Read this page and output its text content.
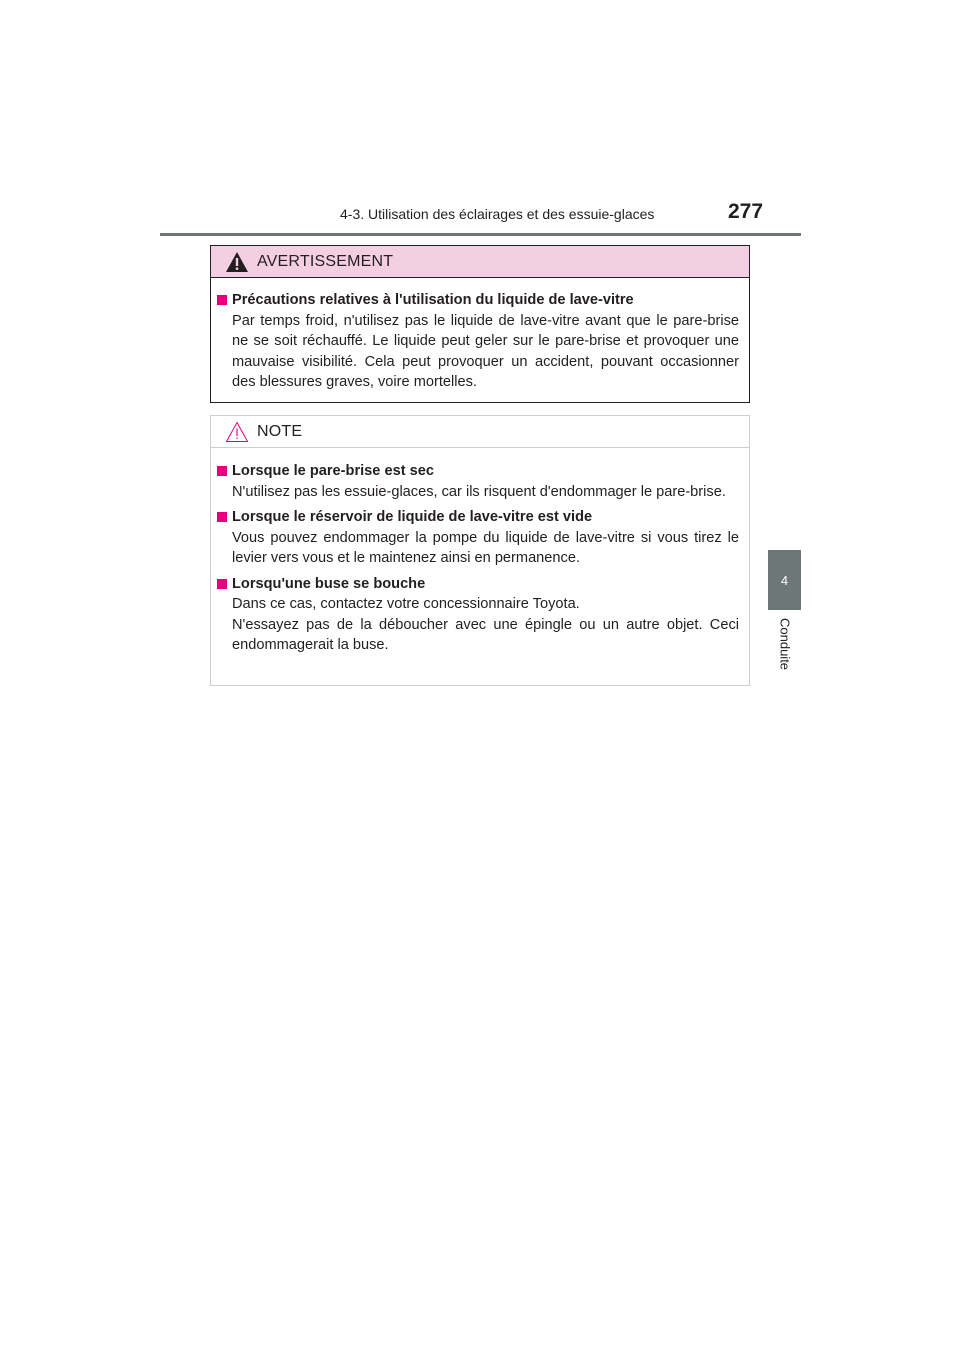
4-3. Utilisation des éclairages et des essuie-glaces	277
4
Conduite
AVERTISSEMENT
Précautions relatives à l'utilisation du liquide de lave-vitre
Par temps froid, n'utilisez pas le liquide de lave-vitre avant que le pare-brise ne se soit réchauffé. Le liquide peut geler sur le pare-brise et provoquer une mauvaise visibilité. Cela peut provoquer un accident, pouvant occasionner des blessures graves, voire mortelles.
NOTE
Lorsque le pare-brise est sec
N'utilisez pas les essuie-glaces, car ils risquent d'endommager le pare-brise.
Lorsque le réservoir de liquide de lave-vitre est vide
Vous pouvez endommager la pompe du liquide de lave-vitre si vous tirez le levier vers vous et le maintenez ainsi en permanence.
Lorsqu'une buse se bouche
Dans ce cas, contactez votre concessionnaire Toyota.
N'essayez pas de la déboucher avec une épingle ou un autre objet. Ceci endommagerait la buse.
